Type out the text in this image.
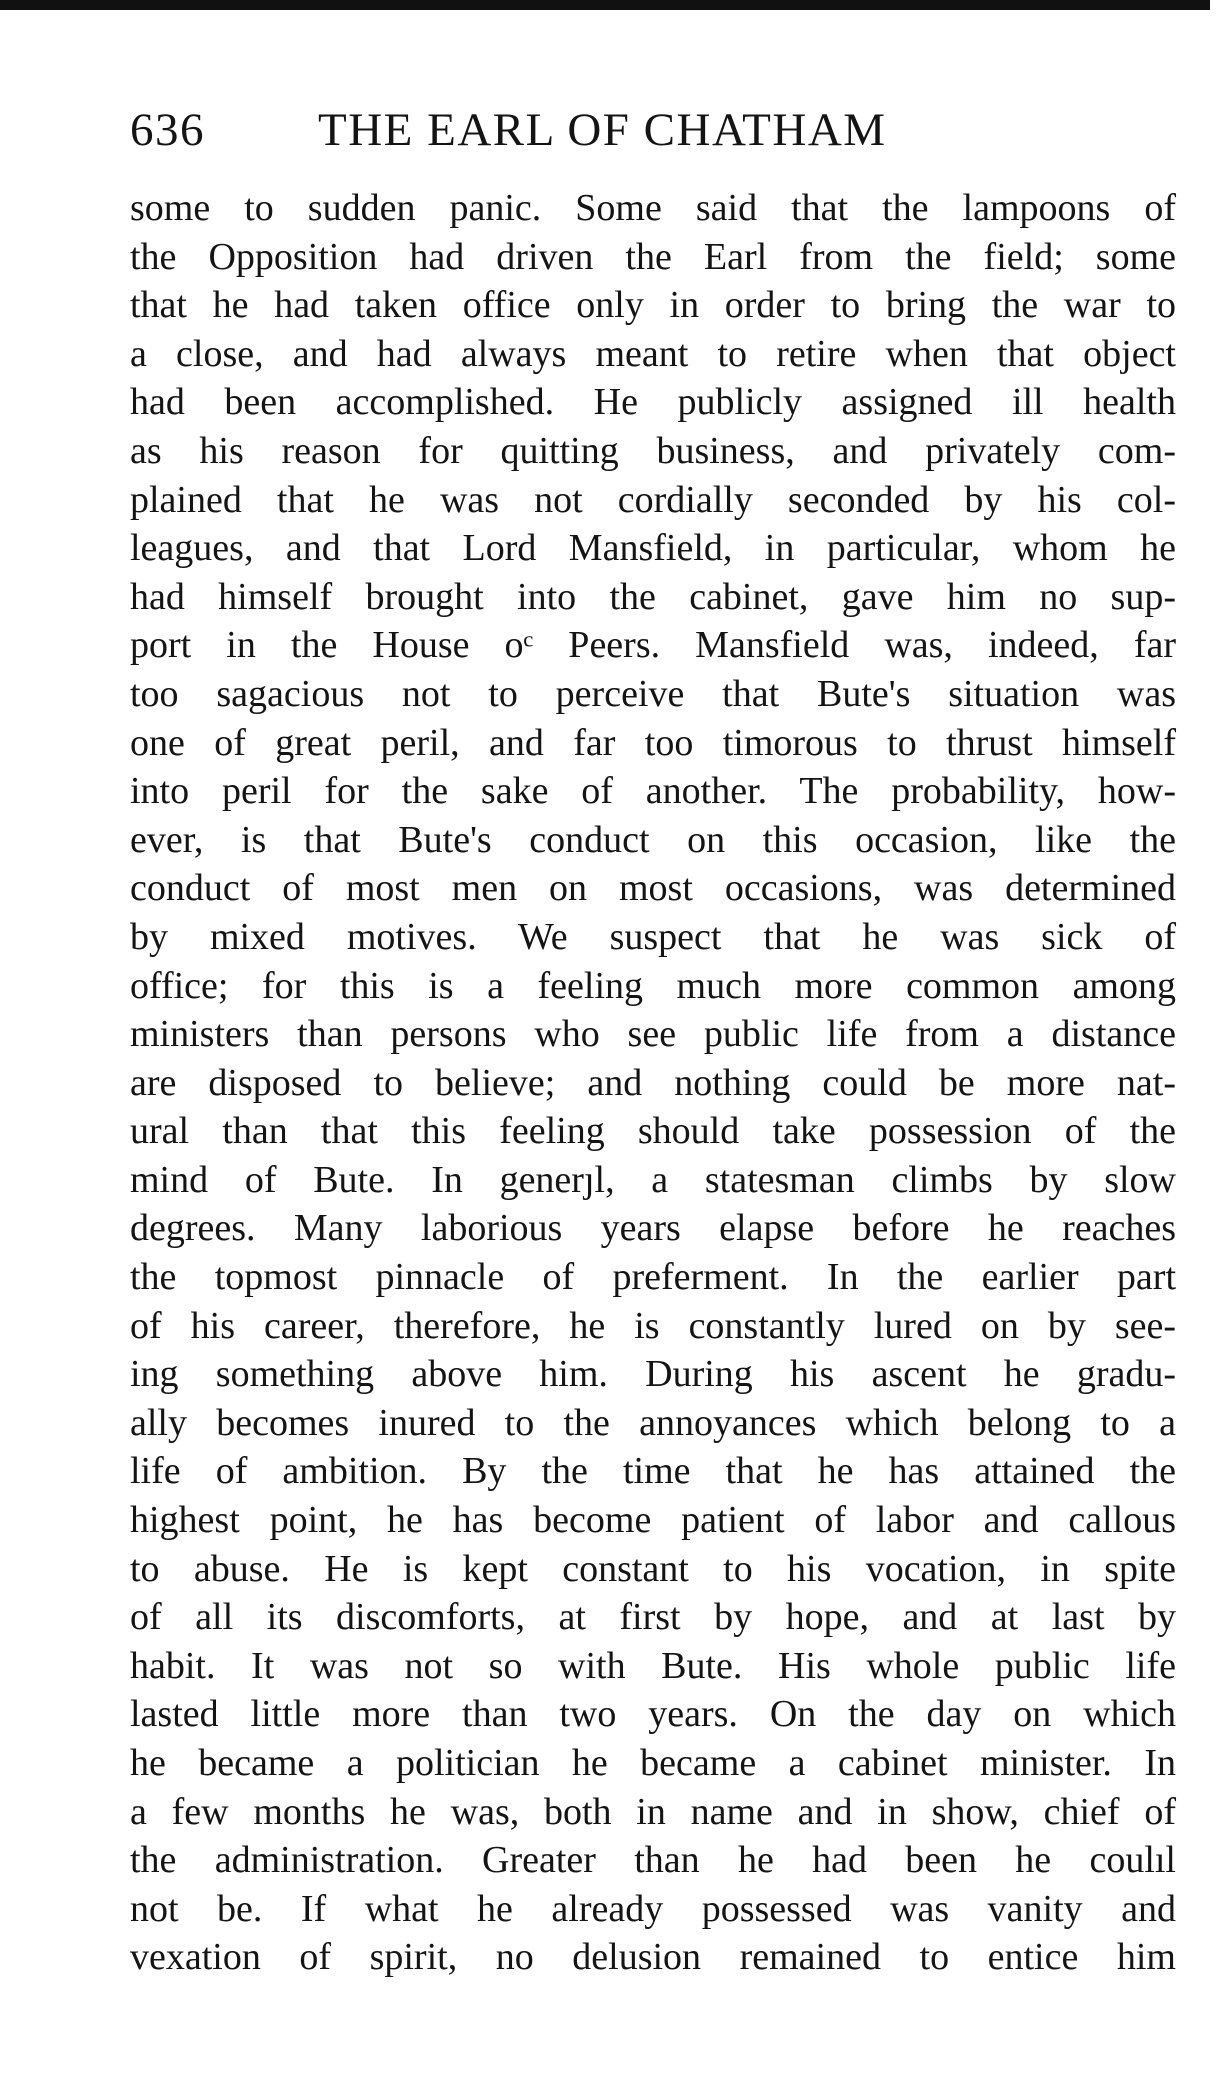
636 THE EARL OF CHATHAM
some to sudden panic. Some said that the lampoons of
the Opposition had driven the Earl from the field; some
that he had taken office only in order to bring the war to
a close, and had always meant to retire when that object
had been accomplished. He publicly assigned ill health
as his reason for quitting business, and privately com-
plained that he was not cordially seconded by his col-
leagues, and that Lord Mansfield, in particular, whom he
had himself brought into the cabinet, gave him no sup-
port in the House oᶜ Peers. Mansfield was, indeed, far
too sagacious not to perceive that Bute's situation was
one of great peril, and far too timorous to thrust himself
into peril for the sake of another. The probability, how-
ever, is that Bute's conduct on this occasion, like the
conduct of most men on most occasions, was determined
by mixed motives. We suspect that he was sick of
office; for this is a feeling much more common among
ministers than persons who see public life from a distance
are disposed to believe; and nothing could be more nat-
ural than that this feeling should take possession of the
mind of Bute. In generȷl, a statesman climbs by slow
degrees. Many laborious years elapse before he reaches
the topmost pinnacle of preferment. In the earlier part
of his career, therefore, he is constantly lured on by see-
ing something above him. During his ascent he gradu-
ally becomes inured to the annoyances which belong to a
life of ambition. By the time that he has attained the
highest point, he has become patient of labor and callous
to abuse. He is kept constant to his vocation, in spite
of all its discomforts, at first by hope, and at last by
habit. It was not so with Bute. His whole public life
lasted little more than two years. On the day on which
he became a politician he became a cabinet minister. In
a few months he was, both in name and in show, chief of
the administration. Greater than he had been he coulıl
not be. If what he already possessed was vanity and
vexation of spirit, no delusion remained to entice him
